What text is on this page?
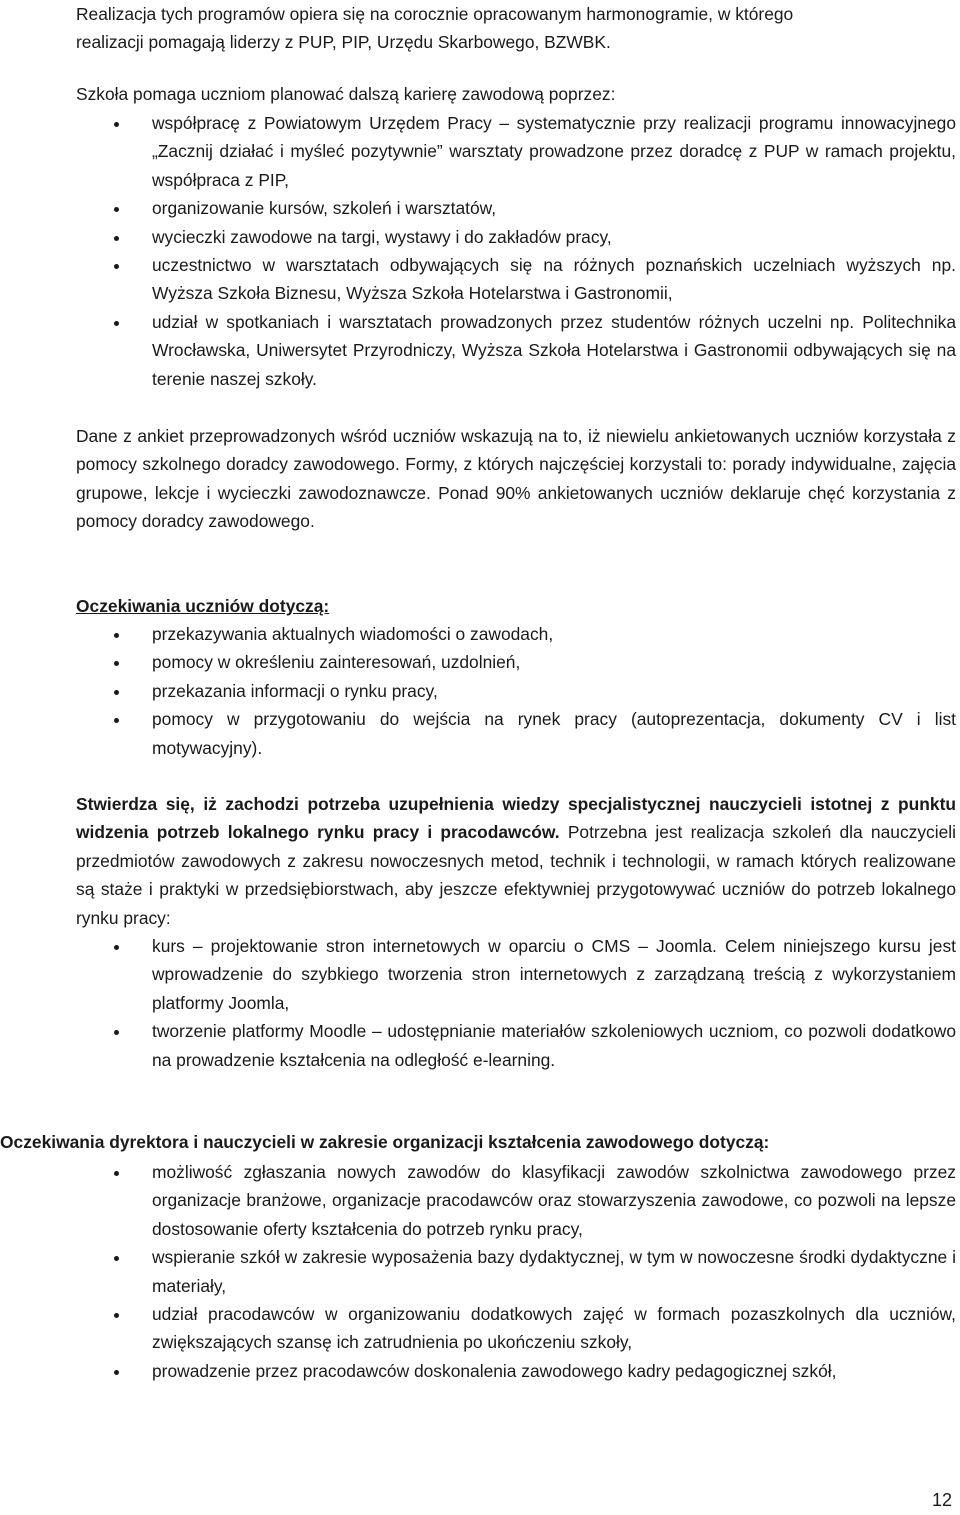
Realizacja tych programów opiera się na corocznie opracowanym harmonogramie, w którego
realizacji pomagają liderzy z PUP, PIP, Urzędu Skarbowego, BZWBK.

Szkoła pomaga uczniom planować dalszą karierę zawodową poprzez:

współpracę z Powiatowym Urzędem Pracy – systematycznie przy realizacji programu innowacyjnego „Zacznij działać i myśleć pozytywnie” warsztaty prowadzone przez doradcę z PUP w ramach projektu, współpraca z PIP,
organizowanie kursów, szkoleń i warsztatów,
wycieczki zawodowe na targi, wystawy i do zakładów pracy,
uczestnictwo w warsztatach odbywających się na różnych poznańskich uczelniach wyższych np. Wyższa Szkoła Biznesu, Wyższa Szkoła Hotelarstwa i Gastronomii,
udział w spotkaniach i warsztatach prowadzonych przez studentów różnych uczelni np. Politechnika Wrocławska, Uniwersytet Przyrodniczy, Wyższa Szkoła Hotelarstwa i Gastronomii odbywających się na terenie naszej szkoły.

Dane z ankiet przeprowadzonych wśród uczniów wskazują na to, iż niewielu ankietowanych uczniów korzystała z pomocy szkolnego doradcy zawodowego. Formy, z których najczęściej korzystali to: porady indywidualne, zajęcia grupowe, lekcje i wycieczki zawodoznawcze. Ponad 90% ankietowanych uczniów deklaruje chęć korzystania z pomocy doradcy zawodowego.

Oczekiwania uczniów dotyczą:

przekazywania aktualnych wiadomości o zawodach,
pomocy w określeniu zainteresowań, uzdolnień,
przekazania informacji o rynku pracy,
pomocy w przygotowaniu do wejścia na rynek pracy (autoprezentacja, dokumenty CV i list motywacyjny).

Stwierdza się, iż zachodzi potrzeba uzupełnienia wiedzy specjalistycznej nauczycieli istotnej z punktu widzenia potrzeb lokalnego rynku pracy i pracodawców. Potrzebna jest realizacja szkoleń dla nauczycieli przedmiotów zawodowych z zakresu nowoczesnych metod, technik i technologii, w ramach których realizowane są staże i praktyki w przedsiębiorstwach, aby jeszcze efektywniej przygotowywać uczniów do potrzeb lokalnego rynku pracy:

kurs – projektowanie stron internetowych w oparciu o CMS – Joomla. Celem niniejszego kursu jest wprowadzenie do szybkiego tworzenia stron internetowych z zarządzaną treścią z wykorzystaniem platformy Joomla,
tworzenie platformy Moodle – udostępnianie materiałów szkoleniowych uczniom, co pozwoli dodatkowo na prowadzenie kształcenia na odległość e-learning.

Oczekiwania dyrektora i nauczycieli w zakresie organizacji kształcenia zawodowego dotyczą:

możliwość zgłaszania nowych zawodów do klasyfikacji zawodów szkolnictwa zawodowego przez organizacje branżowe, organizacje pracodawców oraz stowarzyszenia zawodowe, co pozwoli na lepsze dostosowanie oferty kształcenia do potrzeb rynku pracy,
wspieranie szkół w zakresie wyposażenia bazy dydaktycznej, w tym w nowoczesne środki dydaktyczne i materiały,
udział pracodawców w organizowaniu dodatkowych zajęć w formach pozaszkolnych dla uczniów, zwiększających szansę ich zatrudnienia po ukończeniu szkoły,
prowadzenie przez pracodawców doskonalenia zawodowego kadry pedagogicznej szkół,
12
